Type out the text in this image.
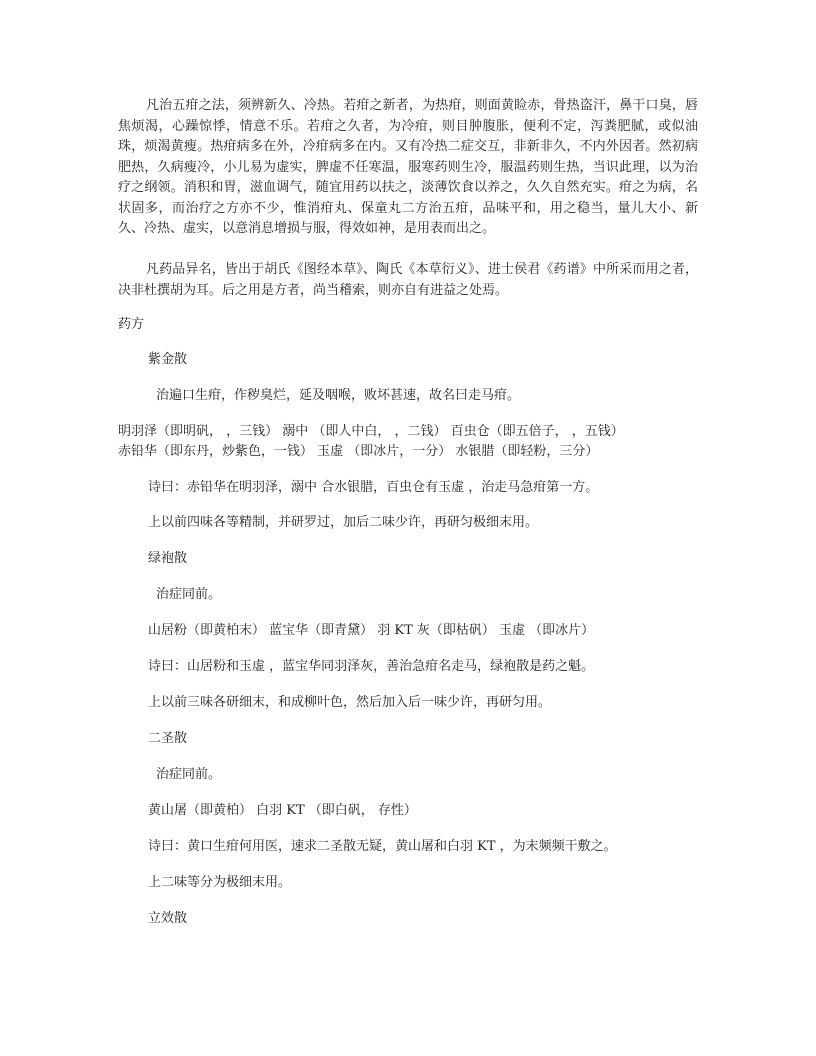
凡治五疳之法，须辨新久、冷热。若疳之新者，为热疳，则面黄睑赤，骨热盗汗，鼻干口臭，唇焦烦渴，心躁惊悸，情意不乐。若疳之久者，为冷疳，则目肿腹胀，便利不定，泻粪肥腻，或似油珠，烦渴黄瘦。热疳病多在外，冷疳病多在内。又有冷热二症交互，非新非久，不内外因者。然初病肥热，久病瘦冷，小儿易为虚实，脾虚不任寒温，服寒药则生冷，服温药则生热，当识此理，以为治疗之纲领。消积和胃，滋血调气，随宜用药以扶之，淡薄饮食以养之，久久自然充实。疳之为病，名状固多，而治疗之方亦不少，惟消疳丸、保童丸二方治五疳，品味平和，用之稳当，量儿大小、新久、冷热、虚实，以意消息增损与服，得效如神，是用表而出之。

凡药品异名，皆出于胡氏《图经本草》、陶氏《本草衍义》、进士侯君《药谱》中所采而用之者，决非杜撰胡为耳。后之用是方者，尚当稽索，则亦自有进益之处焉。

药方

紫金散

治遍口生疳，作秽臭烂，延及咽喉，败坏甚速，故名曰走马疳。

明羽泽（即明矾， ，三钱） 溺中 （即人中白， ，二钱） 百虫仓（即五倍子， ，五钱）

赤铅华（即东丹，炒紫色，一钱） 玉虚 （即冰片，一分） 水银腊（即轻粉，三分）

诗曰：赤铅华在明羽泽，溺中 合水银腊，百虫仓有玉虚 ，治走马急疳第一方。

上以前四味各等精制，并研罗过，加后二味少许，再研匀极细末用。

绿袍散

治症同前。

山居粉（即黄柏末） 蓝宝华（即青黛） 羽 KT 灰（即枯矾） 玉虚 （即冰片）

诗曰：山居粉和玉虚 ，蓝宝华同羽泽灰，善治急疳名走马，绿袍散是药之魁。

上以前三味各研细末，和成柳叶色，然后加入后一味少许，再研匀用。

二圣散

治症同前。

黄山屠（即黄柏） 白羽 KT （即白矾， 存性）

诗曰：黄口生疳何用医，速求二圣散无疑，黄山屠和白羽 KT ，为末频频干敷之。

上二味等分为极细末用。

立效散
